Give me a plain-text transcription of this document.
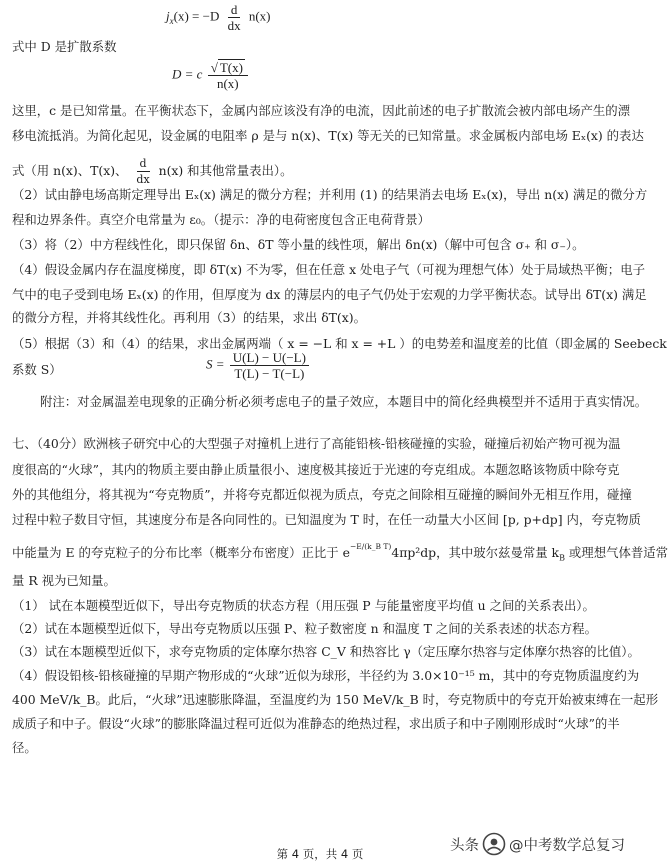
$j_x(x) = -D \frac{d}{dx} n(x)$
式中 D 是扩散系数
D = c $\frac{√ T(x)}{n(x)}$
这里，c 是已知常量。在平衡状态下，金属内部应该没有净的电流，因此前述的电子扩散流会被内部电场产生的漂
移电流抵消。为简化起见，设金属的电阻率 ρ 是与 n(x)、T(x) 等无关的已知常量。求金属板内部电场 Eₓ(x) 的表达
式（用 n(x)、T(x)、 $\frac{d}{dx} n(x)$ 和其他常量表出）。
（2）试由静电场高斯定理导出 Eₓ(x) 满足的微分方程；并利用 (1) 的结果消去电场 Eₓ(x)，导出 n(x) 满足的微分方
程和边界条件。真空介电常量为 ε₀。（提示：净的电荷密度包含正电荷背景）
（3）将（2）中方程线性化，即只保留 δn、δT 等小量的线性项，解出 δn(x)（解中可包含 σ₊ 和 σ₋）。
（4）假设金属内存在温度梯度，即 δT(x) 不为零，但在任意 x 处电子气（可视为理想气体）处于局域热平衡；电子
气中的电子受到电场 Eₓ(x) 的作用，但厚度为 dx 的薄层内的电子气仍处于宏观的力学平衡状态。试导出 δT(x) 满足
的微分方程，并将其线性化。再利用（3）的结果，求出 δT(x)。
（5）根据（3）和（4）的结果，求出金属两端（ x = −L 和 x = +L ）的电势差和温度差的比值（即金属的 Seebeck
系数 S）	$S = \frac{U(L) - U(-L)}{T(L) - T(-L)}$
附注：对金属温差电现象的正确分析必须考虑电子的量子效应，本题目中的简化经典模型并不适用于真实情况。
七、（40分）欧洲核子研究中心的大型强子对撞机上进行了高能铅核-铅核碰撞的实验，碰撞后初始产物可视为温
度很高的“火球”，其内的物质主要由静止质量很小、速度极其接近于光速的夸克组成。本题忽略该物质中除夸克
外的其他组分，将其视为“夸克物质”，并将夸克都近似视为质点，夸克之间除相互碰撞的瞬间外无相互作用，碰撞
过程中粒子数目守恒，其速度分布是各向同性的。已知温度为 T 时，在任一动量大小区间 [p, p+dp] 内，夸克物质
中能量为 E 的夸克粒子的分布比率（概率分布密度）正比于 $e^{-E/(k\_B T)}4\pi p^2dp$，其中玻尔兹曼常量 $k_B$ 或理想气体普适常
量 R 视为已知量。
（1） 试在本题模型近似下，导出夸克物质的状态方程（用压强 P 与能量密度平均值 u 之间的关系表出）。
（2）试在本题模型近似下，导出夸克物质以压强 P、粒子数密度 n 和温度 T 之间的关系表述的状态方程。
（3）试在本题模型近似下，求夸克物质的定体摩尔热容 C_V 和热容比 γ（定压摩尔热容与定体摩尔热容的比值）。
（4）假设铅核-铅核碰撞的早期产物形成的“火球”近似为球形，半径约为 3.0×10⁻¹⁵ m，其中的夸克物质温度约为
400 MeV/k_B。此后，“火球”迅速膨胀降温，至温度约为 150 MeV/k_B 时，夸克物质中的夸克开始被束缚在一起形
成质子和中子。假设“火球”的膨胀降温过程可近似为准静态的绝热过程，求出质子和中子刚刚形成时“火球”的半
径。
头条 @中考数学总复习
第 4 页，共 4 页
